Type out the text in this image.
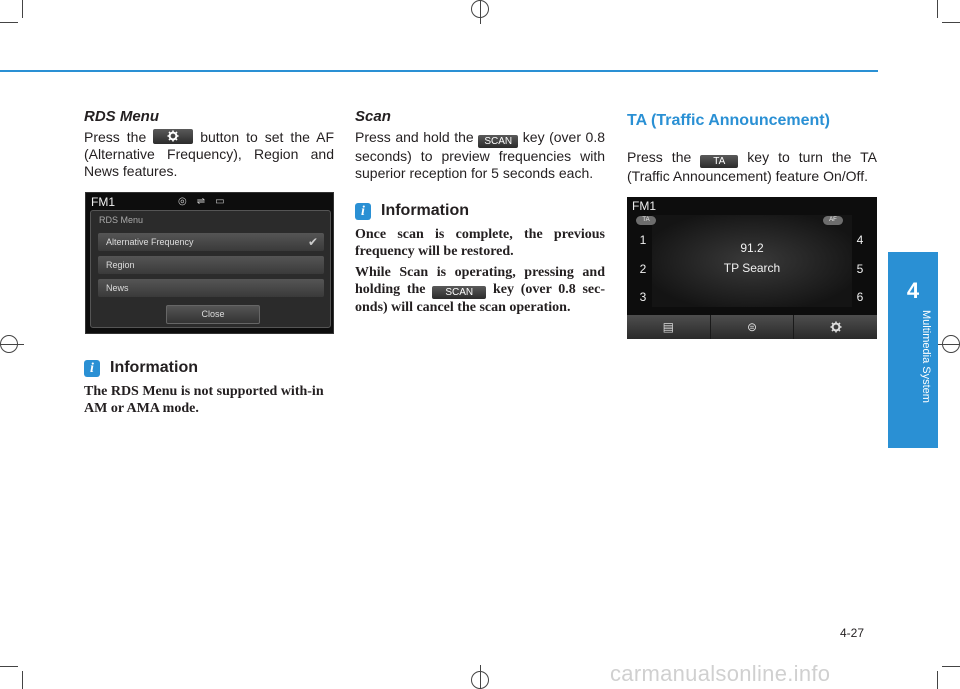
RDS Menu
Press the	button to set the AF (Alternative Frequency), Region and News features.
FM1	◎⇌▭
RDS Menu
Alternative Frequency	✔
Region
News
Close
i	Information
The RDS Menu is not supported with-in AM or AMA mode.
Scan
Press and hold the SCAN key (over 0.8 seconds) to preview frequencies with superior reception for 5 seconds each.
i	Information
Once scan is complete, the previous frequency will be restored.
While Scan is operating, pressing and holding the SCAN key (over 0.8 sec-onds) will cancel the scan operation.
TA (Traffic Announcement)
Press the TA key to turn the TA (Traffic Announcement) feature On/Off.
FM1
TA	AF
1
2
3
4
5
6
91.2
TP Search
▤	⊜
4
Multimedia System
4-27
carmanualsonline.info
